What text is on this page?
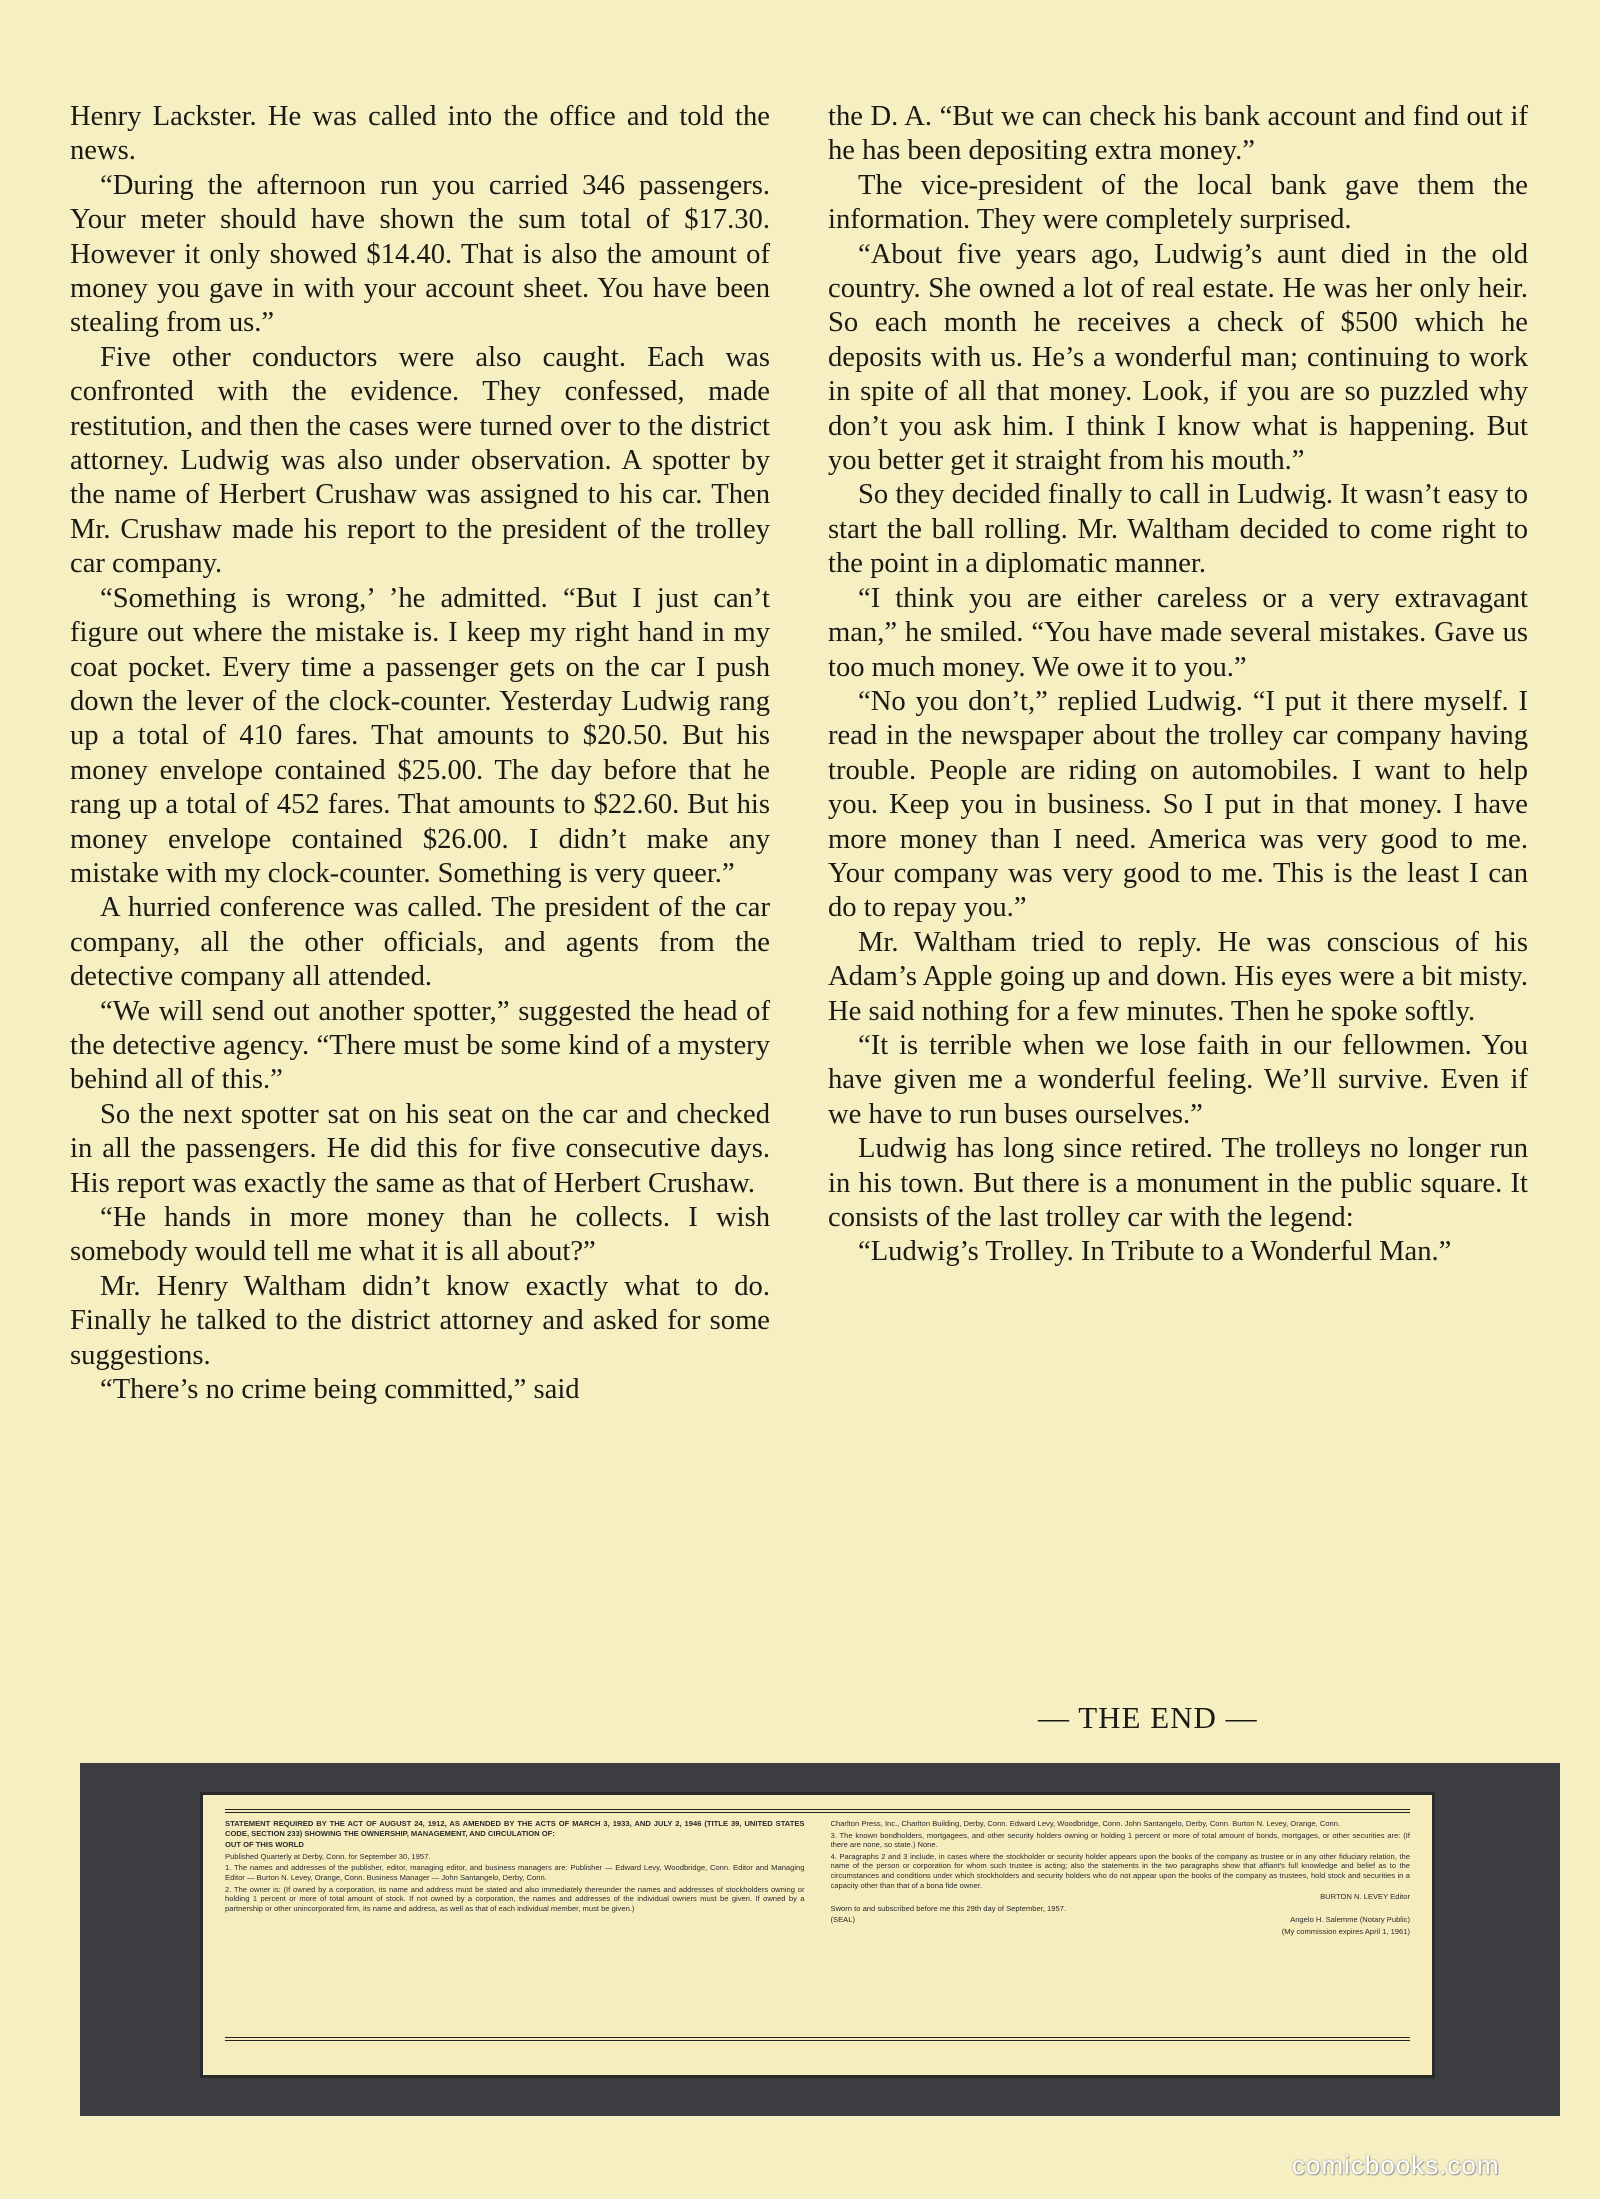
Henry Lackster. He was called into the office and told the news.

“During the afternoon run you carried 346 passengers. Your meter should have shown the sum total of $17.30. However it only showed $14.40. That is also the amount of money you gave in with your account sheet. You have been stealing from us.”

Five other conductors were also caught. Each was confronted with the evidence. They confessed, made restitution, and then the cases were turned over to the district attorney. Ludwig was also under observation. A spotter by the name of Herbert Crushaw was assigned to his car. Then Mr. Crushaw made his report to the president of the trolley car company.

“Something is wrong,’ ’he admitted. “But I just can’t figure out where the mistake is. I keep my right hand in my coat pocket. Every time a passenger gets on the car I push down the lever of the clock-counter. Yesterday Ludwig rang up a total of 410 fares. That amounts to $20.50. But his money envelope contained $25.00. The day before that he rang up a total of 452 fares. That amounts to $22.60. But his money envelope contained $26.00. I didn’t make any mistake with my clock-counter. Something is very queer.”

A hurried conference was called. The president of the car company, all the other officials, and agents from the detective company all attended.

“We will send out another spotter,” suggested the head of the detective agency. “There must be some kind of a mystery behind all of this.”

So the next spotter sat on his seat on the car and checked in all the passengers. He did this for five consecutive days. His report was exactly the same as that of Herbert Crushaw.

“He hands in more money than he collects. I wish somebody would tell me what it is all about?”

Mr. Henry Waltham didn’t know exactly what to do. Finally he talked to the district attorney and asked for some suggestions.

“There’s no crime being committed,” said

the D. A. “But we can check his bank account and find out if he has been depositing extra money.”

The vice-president of the local bank gave them the information. They were completely surprised.

“About five years ago, Ludwig’s aunt died in the old country. She owned a lot of real estate. He was her only heir. So each month he receives a check of $500 which he deposits with us. He’s a wonderful man; continuing to work in spite of all that money. Look, if you are so puzzled why don’t you ask him. I think I know what is happening. But you better get it straight from his mouth.”

So they decided finally to call in Ludwig. It wasn’t easy to start the ball rolling. Mr. Waltham decided to come right to the point in a diplomatic manner.

“I think you are either careless or a very extravagant man,” he smiled. “You have made several mistakes. Gave us too much money. We owe it to you.”

“No you don’t,” replied Ludwig. “I put it there myself. I read in the newspaper about the trolley car company having trouble. People are riding on automobiles. I want to help you. Keep you in business. So I put in that money. I have more money than I need. America was very good to me. Your company was very good to me. This is the least I can do to repay you.”

Mr. Waltham tried to reply. He was conscious of his Adam’s Apple going up and down. His eyes were a bit misty. He said nothing for a few minutes. Then he spoke softly.

“It is terrible when we lose faith in our fellowmen. You have given me a wonderful feeling. We’ll survive. Even if we have to run buses ourselves.”

Ludwig has long since retired. The trolleys no longer run in his town. But there is a monument in the public square. It consists of the last trolley car with the legend:

“Ludwig’s Trolley. In Tribute to a Wonderful Man.”

— THE END —

STATEMENT REQUIRED BY THE ACT OF AUGUST 24, 1912, AS AMENDED BY THE ACTS OF MARCH 3, 1933, AND JULY 2, 1946 (TITLE 39, UNITED STATES CODE, SECTION 233) SHOWING THE OWNERSHIP, MANAGEMENT, AND CIRCULATION OF:

OUT OF THIS WORLD

Published Quarterly at Derby, Conn. for September 30, 1957.

1. The names and addresses of the publisher, editor, managing editor, and business managers are: Publisher — Edward Levy, Woodbridge, Conn. Editor and Managing Editor — Burton N. Levey, Orange, Conn. Business Manager — John Santangelo, Derby, Conn.

2. The owner is: (If owned by a corporation, its name and address must be stated and also immediately thereunder the names and addresses of stockholders owning or holding 1 percent or more of total amount of stock. If not owned by a corporation, the names and addresses of the individual owners must be given. If owned by a partnership or other unincorporated firm, its name and address, as well as that of each individual member, must be given.)

Charlton Press, Inc., Charlton Building, Derby, Conn. Edward Levy, Woodbridge, Conn. John Santangelo, Derby, Conn. Burton N. Levey, Orange, Conn.

3. The known bondholders, mortgagees, and other security holders owning or holding 1 percent or more of total amount of bonds, mortgages, or other securities are: (If there are none, so state.) None.

4. Paragraphs 2 and 3 include, in cases where the stockholder or security holder appears upon the books of the company as trustee or in any other fiduciary relation, the name of the person or corporation for whom such trustee is acting; also the statements in the two paragraphs show that affiant's full knowledge and belief as to the circumstances and conditions under which stockholders and security holders who do not appear upon the books of the company as trustees, hold stock and securities in a capacity other than that of a bona fide owner.

BURTON N. LEVEY Editor

Sworn to and subscribed before me this 29th day of September, 1957.

(SEAL)	Angelo H. Salemme (Notary Public)

(My commission expires April 1, 1961)

comicbooks.com
